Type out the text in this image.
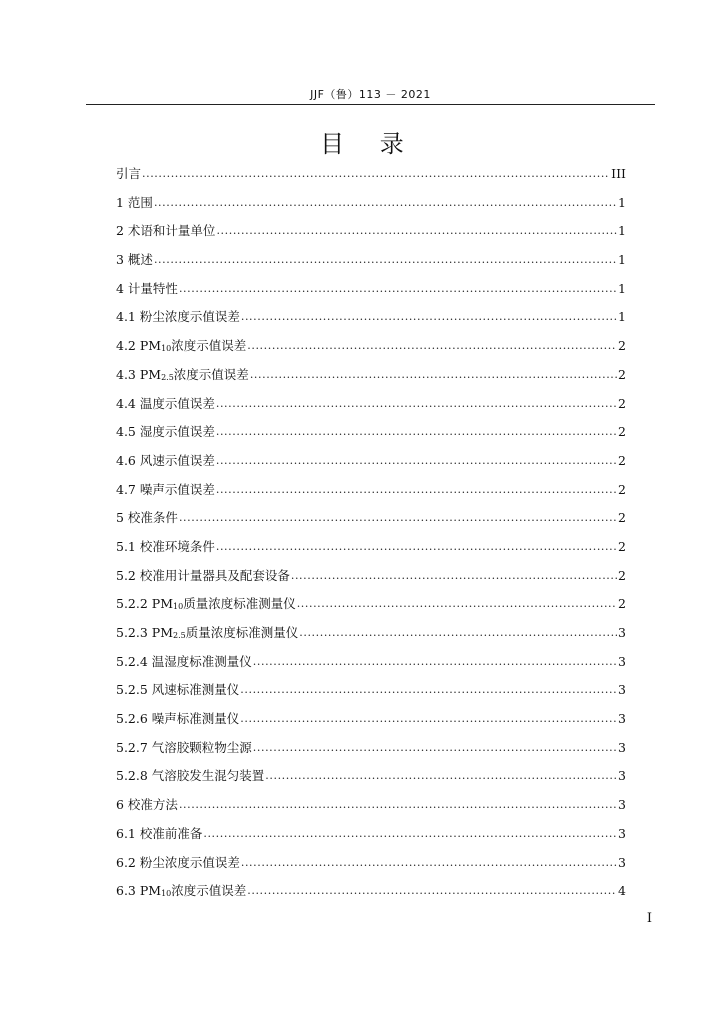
JJF（鲁）113 － 2021
目 录
引言 .....	III
1 范围 .....	1
2 术语和计量单位 .....	1
3 概述 .....	1
4 计量特性 .....	1
4.1 粉尘浓度示值误差 .....	1
4.2 $PM_{10}$浓度示值误差 .....	2
4.3 $PM_{2.5}$浓度示值误差 .....	2
4.4 温度示值误差 .....	2
4.5 湿度示值误差 .....	2
4.6 风速示值误差 .....	2
4.7 噪声示值误差 .....	2
5 校准条件 .....	2
5.1 校准环境条件 .....	2
5.2 校准用计量器具及配套设备 .....	2
5.2.2 $PM_{10}$质量浓度标准测量仪 .....	2
5.2.3 $PM_{2.5}$质量浓度标准测量仪 .....	3
5.2.4 温湿度标准测量仪 .....	3
5.2.5 风速标准测量仪 .....	3
5.2.6 噪声标准测量仪 .....	3
5.2.7 气溶胶颗粒物尘源 .....	3
5.2.8 气溶胶发生混匀装置 .....	3
6 校准方法 .....	3
6.1 校准前准备 .....	3
6.2 粉尘浓度示值误差 .....	3
6.3 $PM_{10}$浓度示值误差 .....	4
I
